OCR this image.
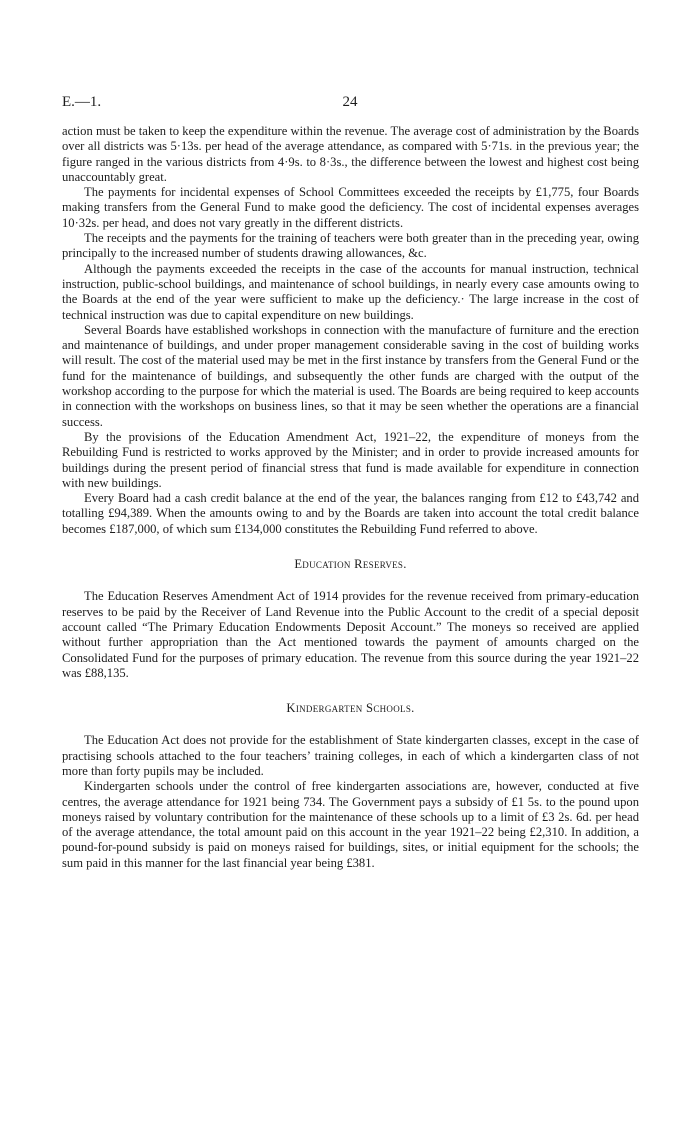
E.—1.	24

action must be taken to keep the expenditure within the revenue. The average cost of administration by the Boards over all districts was 5·13s. per head of the average attendance, as compared with 5·71s. in the previous year; the figure ranged in the various districts from 4·9s. to 8·3s., the difference between the lowest and highest cost being unaccountably great.

The payments for incidental expenses of School Committees exceeded the receipts by £1,775, four Boards making transfers from the General Fund to make good the deficiency. The cost of incidental expenses averages 10·32s. per head, and does not vary greatly in the different districts.

The receipts and the payments for the training of teachers were both greater than in the preceding year, owing principally to the increased number of students drawing allowances, &c.

Although the payments exceeded the receipts in the case of the accounts for manual instruction, technical instruction, public-school buildings, and maintenance of school buildings, in nearly every case amounts owing to the Boards at the end of the year were sufficient to make up the deficiency.· The large increase in the cost of technical instruction was due to capital expenditure on new buildings.

Several Boards have established workshops in connection with the manufacture of furniture and the erection and maintenance of buildings, and under proper management considerable saving in the cost of building works will result. The cost of the material used may be met in the first instance by transfers from the General Fund or the fund for the maintenance of buildings, and subsequently the other funds are charged with the output of the workshop according to the purpose for which the material is used. The Boards are being required to keep accounts in connection with the workshops on business lines, so that it may be seen whether the operations are a financial success.

By the provisions of the Education Amendment Act, 1921–22, the expenditure of moneys from the Rebuilding Fund is restricted to works approved by the Minister; and in order to provide increased amounts for buildings during the present period of financial stress that fund is made available for expenditure in connection with new buildings.

Every Board had a cash credit balance at the end of the year, the balances ranging from £12 to £43,742 and totalling £94,389. When the amounts owing to and by the Boards are taken into account the total credit balance becomes £187,000, of which sum £134,000 constitutes the Rebuilding Fund referred to above.

Education Reserves.

The Education Reserves Amendment Act of 1914 provides for the revenue received from primary-education reserves to be paid by the Receiver of Land Revenue into the Public Account to the credit of a special deposit account called “The Primary Education Endowments Deposit Account.” The moneys so received are applied without further appropriation than the Act mentioned towards the payment of amounts charged on the Consolidated Fund for the purposes of primary education. The revenue from this source during the year 1921–22 was £88,135.

Kindergarten Schools.

The Education Act does not provide for the establishment of State kindergarten classes, except in the case of practising schools attached to the four teachers’ training colleges, in each of which a kindergarten class of not more than forty pupils may be included.

Kindergarten schools under the control of free kindergarten associations are, however, conducted at five centres, the average attendance for 1921 being 734. The Government pays a subsidy of £1 5s. to the pound upon moneys raised by voluntary contribution for the maintenance of these schools up to a limit of £3 2s. 6d. per head of the average attendance, the total amount paid on this account in the year 1921–22 being £2,310. In addition, a pound-for-pound subsidy is paid on moneys raised for buildings, sites, or initial equipment for the schools; the sum paid in this manner for the last financial year being £381.
